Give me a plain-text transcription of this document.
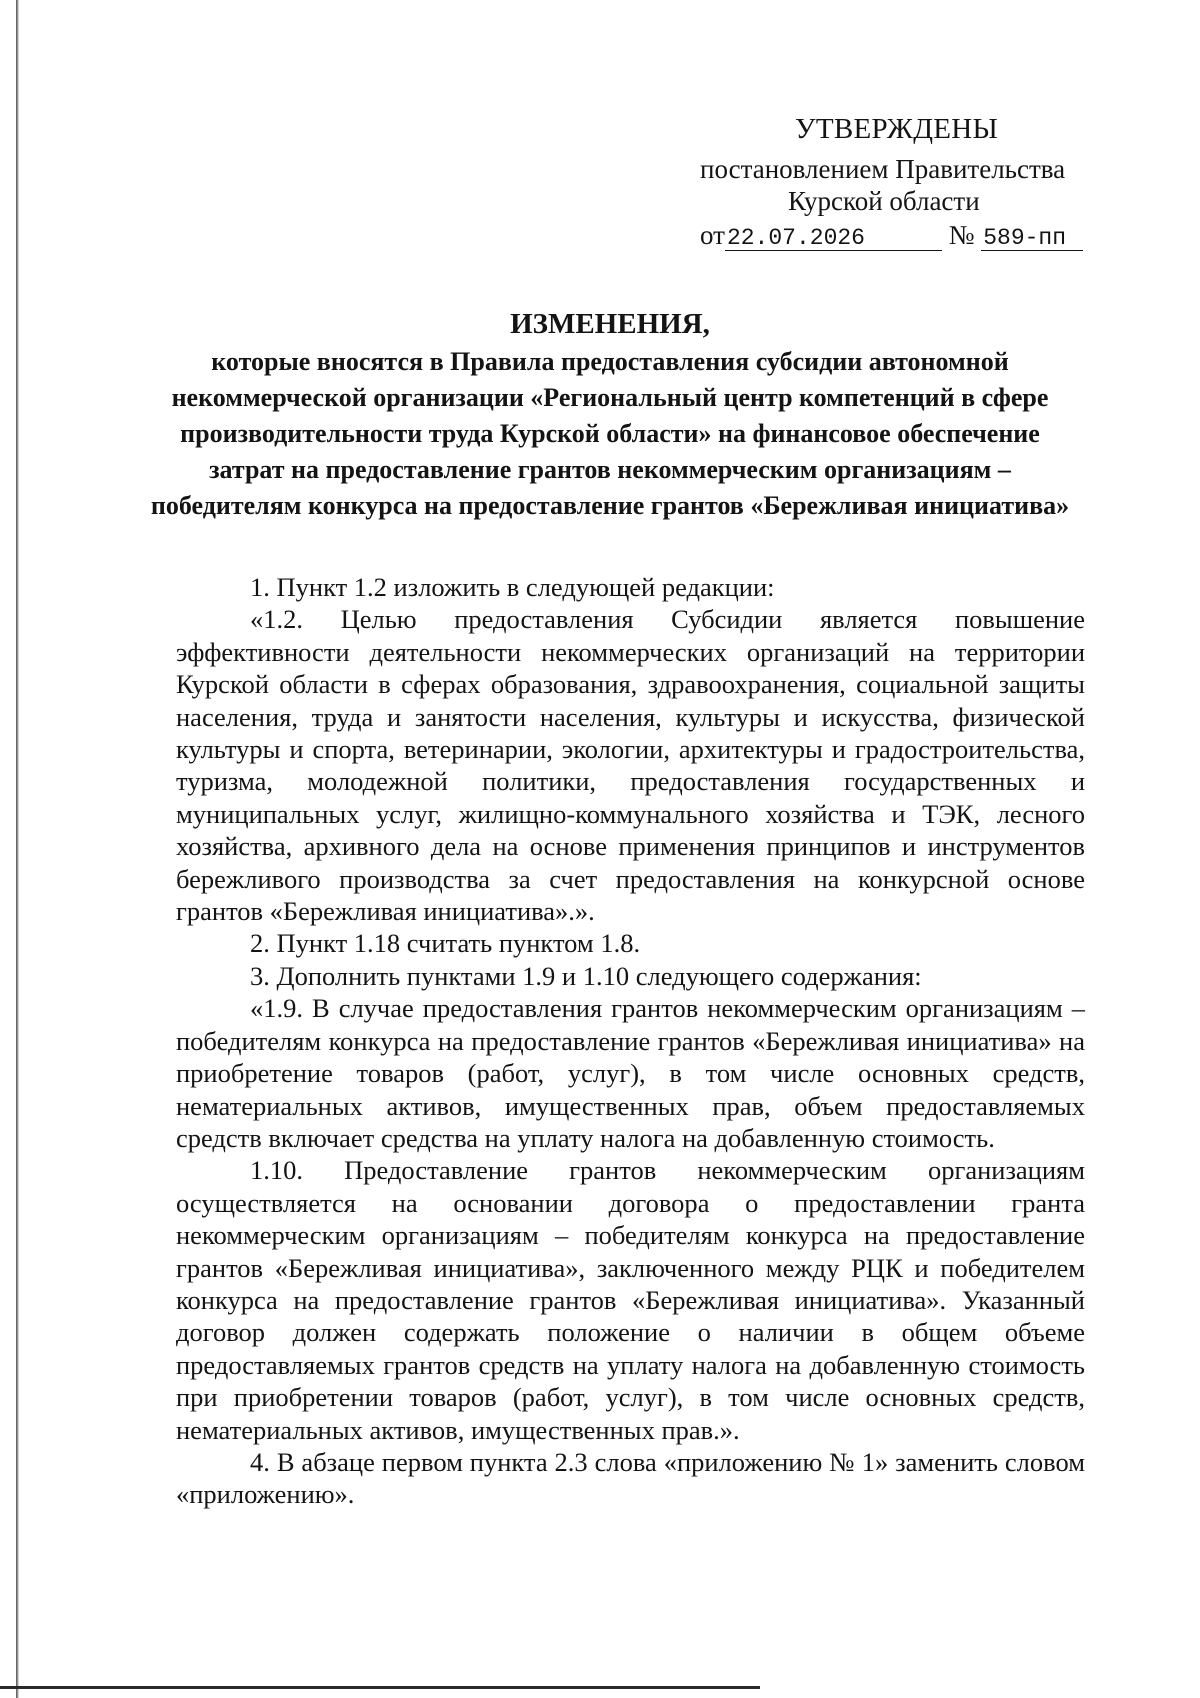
УТВЕРЖДЕНЫ
постановлением Правительства
Курской области
от22.07.2026	№ 589-пп
ИЗМЕНЕНИЯ,
которые вносятся в Правила предоставления субсидии автономной некоммерческой организации «Региональный центр компетенций в сфере производительности труда Курской области» на финансовое обеспечение затрат на предоставление грантов некоммерческим организациям – победителям конкурса на предоставление грантов «Бережливая инициатива»

1. Пункт 1.2 изложить в следующей редакции:

«1.2. Целью предоставления Субсидии является повышение эффективности деятельности некоммерческих организаций на территории Курской области в сферах образования, здравоохранения, социальной защиты населения, труда и занятости населения, культуры и искусства, физической культуры и спорта, ветеринарии, экологии, архитектуры и градостроительства, туризма, молодежной политики, предоставления государственных и муниципальных услуг, жилищно-коммунального хозяйства и ТЭК, лесного хозяйства, архивного дела на основе применения принципов и инструментов бережливого производства за счет предоставления на конкурсной основе грантов «Бережливая инициатива».».

2. Пункт 1.18 считать пунктом 1.8.

3. Дополнить пунктами 1.9 и 1.10 следующего содержания:

«1.9. В случае предоставления грантов некоммерческим организациям – победителям конкурса на предоставление грантов «Бережливая инициатива» на приобретение товаров (работ, услуг), в том числе основных средств, нематериальных активов, имущественных прав, объем предоставляемых средств включает средства на уплату налога на добавленную стоимость.

1.10. Предоставление грантов некоммерческим организациям осуществляется на основании договора о предоставлении гранта некоммерческим организациям – победителям конкурса на предоставление грантов «Бережливая инициатива», заключенного между РЦК и победителем конкурса на предоставление грантов «Бережливая инициатива». Указанный договор должен содержать положение о наличии в общем объеме предоставляемых грантов средств на уплату налога на добавленную стоимость при приобретении товаров (работ, услуг), в том числе основных средств, нематериальных активов, имущественных прав.».

4. В абзаце первом пункта 2.3 слова «приложению № 1» заменить словом «приложению».
